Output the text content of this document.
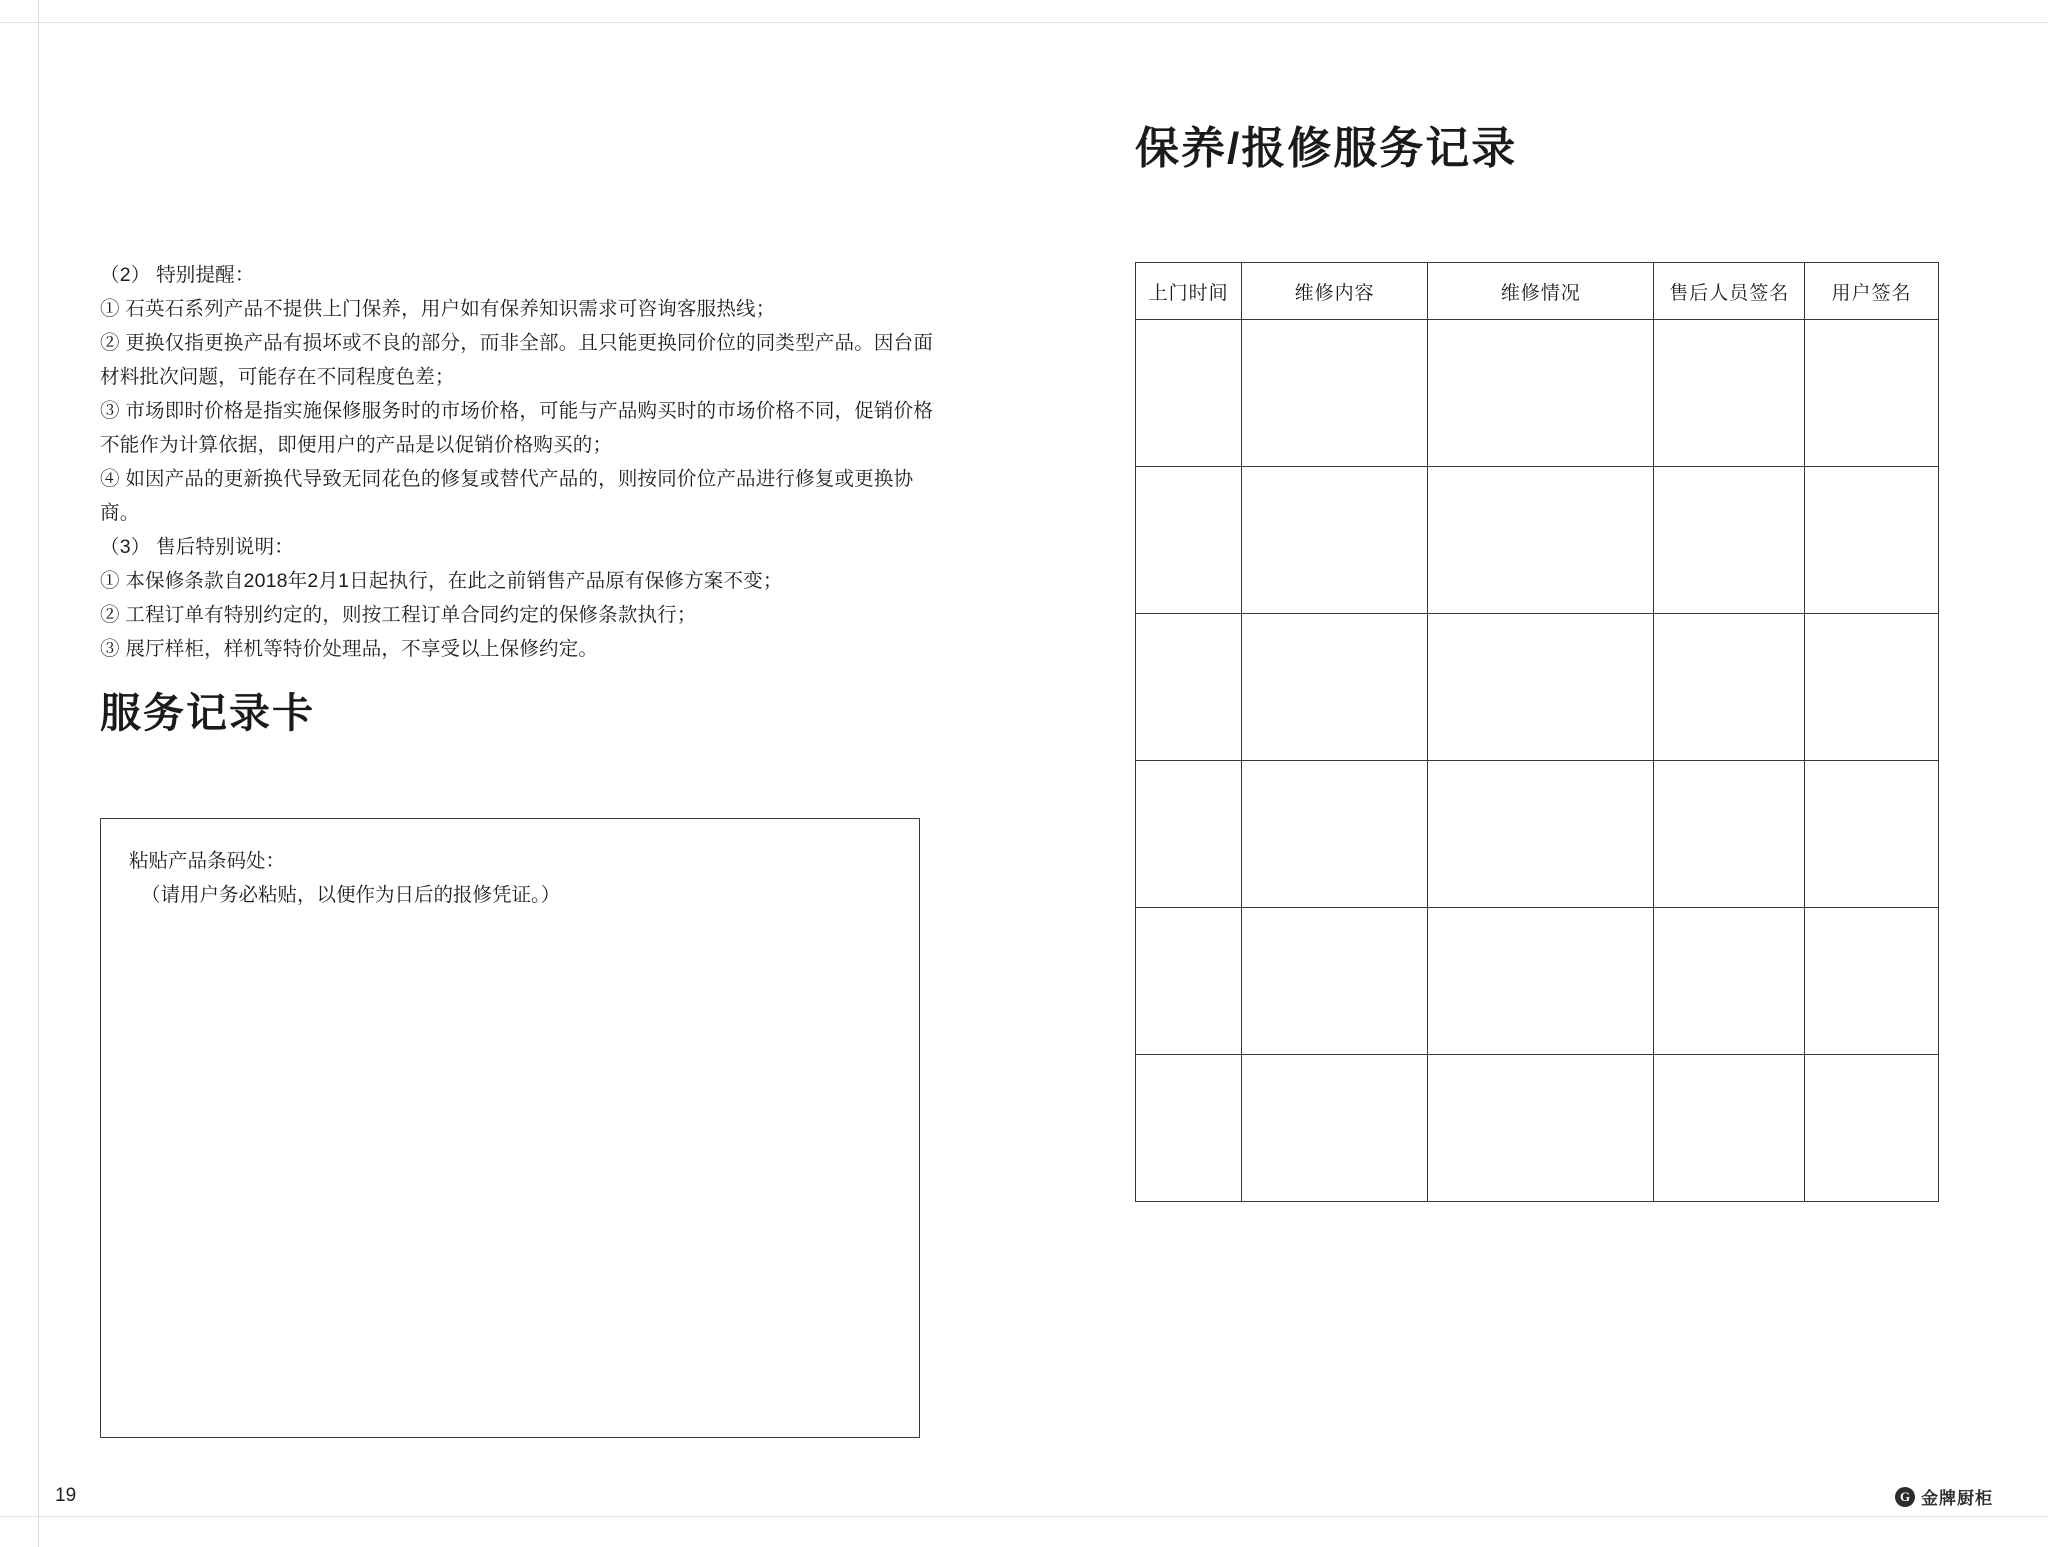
（2） 特别提醒：

① 石英石系列产品不提供上门保养，用户如有保养知识需求可咨询客服热线；

② 更换仅指更换产品有损坏或不良的部分，而非全部。且只能更换同价位的同类型产品。因台面材料批次问题，可能存在不同程度色差；

③ 市场即时价格是指实施保修服务时的市场价格，可能与产品购买时的市场价格不同，促销价格不能作为计算依据，即便用户的产品是以促销价格购买的；

④ 如因产品的更新换代导致无同花色的修复或替代产品的，则按同价位产品进行修复或更换协商。

（3） 售后特别说明：

① 本保修条款自2018年2月1日起执行，在此之前销售产品原有保修方案不变；

② 工程订单有特别约定的，则按工程订单合同约定的保修条款执行；

③ 展厅样柜，样机等特价处理品，不享受以上保修约定。

服务记录卡
粘贴产品条码处：
（请用户务必粘贴，以便作为日后的报修凭证。）
保养/报修服务记录
上门时间	维修内容	维修情况	售后人员签名	用户签名

19	G 金牌厨柜
